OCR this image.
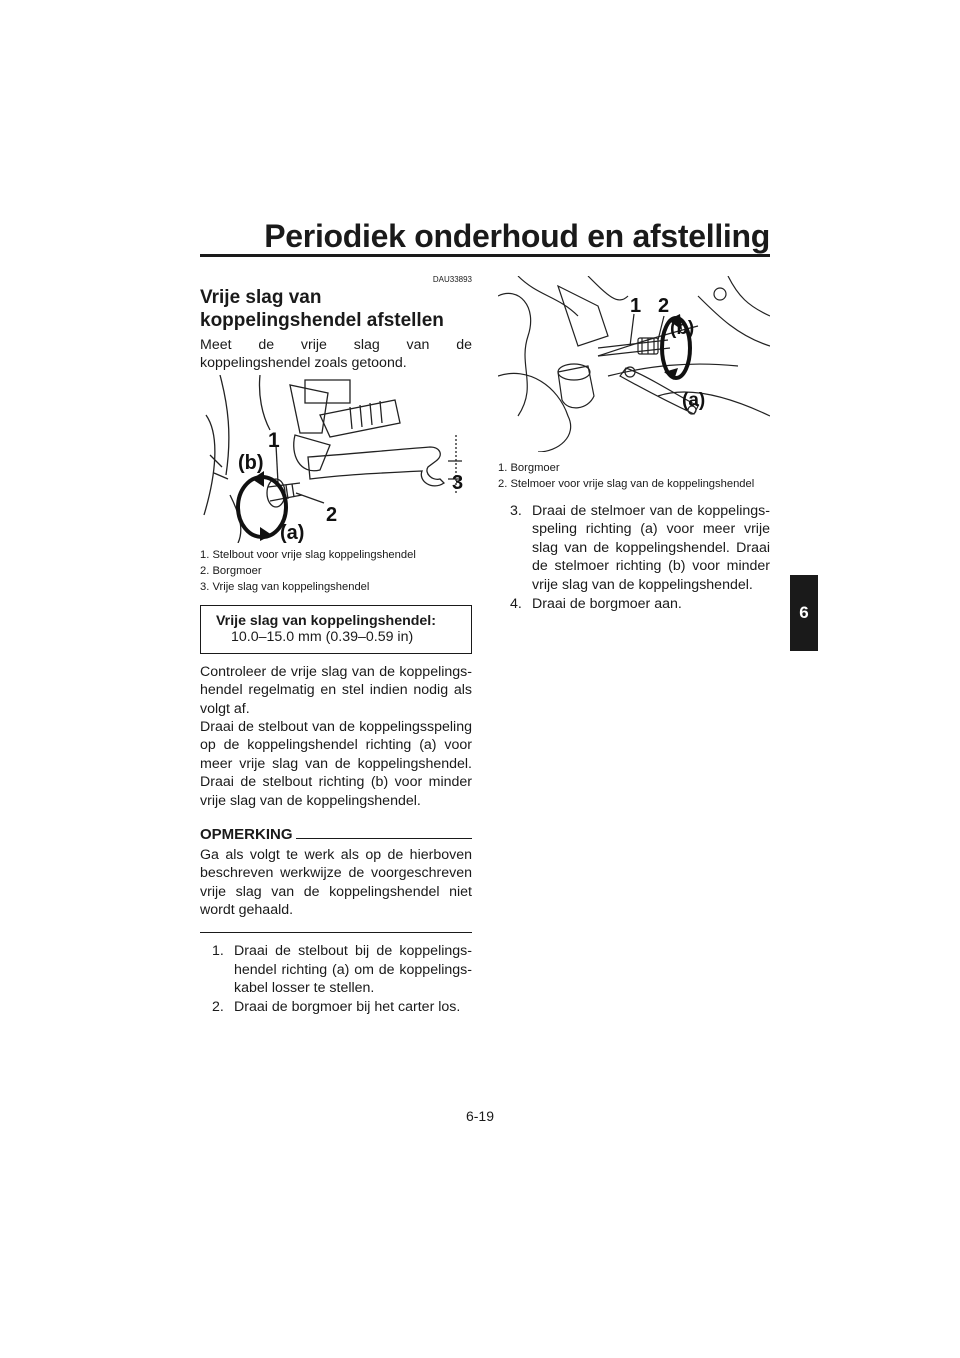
Periodiek onderhoud en afstelling
6
DAU33893
Vrije slag van koppelingshendel afstellen

Meet de vrije slag van de koppelingshendel zoals getoond.

1
(b)
3
2
(a)
1. Stelbout voor vrije slag koppelingshendel
2. Borgmoer
3. Vrije slag van koppelingshendel
Vrije slag van koppelingshendel:
10.0–15.0 mm (0.39–0.59 in)

Controleer de vrije slag van de koppelingshendel regelmatig en stel indien nodig als volgt af.

Draai de stelbout van de koppelingsspeling op de koppelingshendel richting (a) voor meer vrije slag van de koppelingshendel. Draai de stelbout richting (b) voor minder vrije slag van de koppelingshendel.

OPMERKING

Ga als volgt te werk als op de hierboven beschreven werkwijze de voorgeschreven vrije slag van de koppelingshendel niet wordt gehaald.

1. Draai de stelbout bij de koppelingshendel richting (a) om de koppelingskabel losser te stellen.
2. Draai de borgmoer bij het carter los.
1 2
(b)
(a)
1. Borgmoer
2. Stelmoer voor vrije slag van de koppelingshendel
3. Draai de stelmoer van de koppelingsspeling richting (a) voor meer vrije slag van de koppelingshendel. Draai de stelmoer richting (b) voor minder vrije slag van de koppelingshendel.
4. Draai de borgmoer aan.
6-19
